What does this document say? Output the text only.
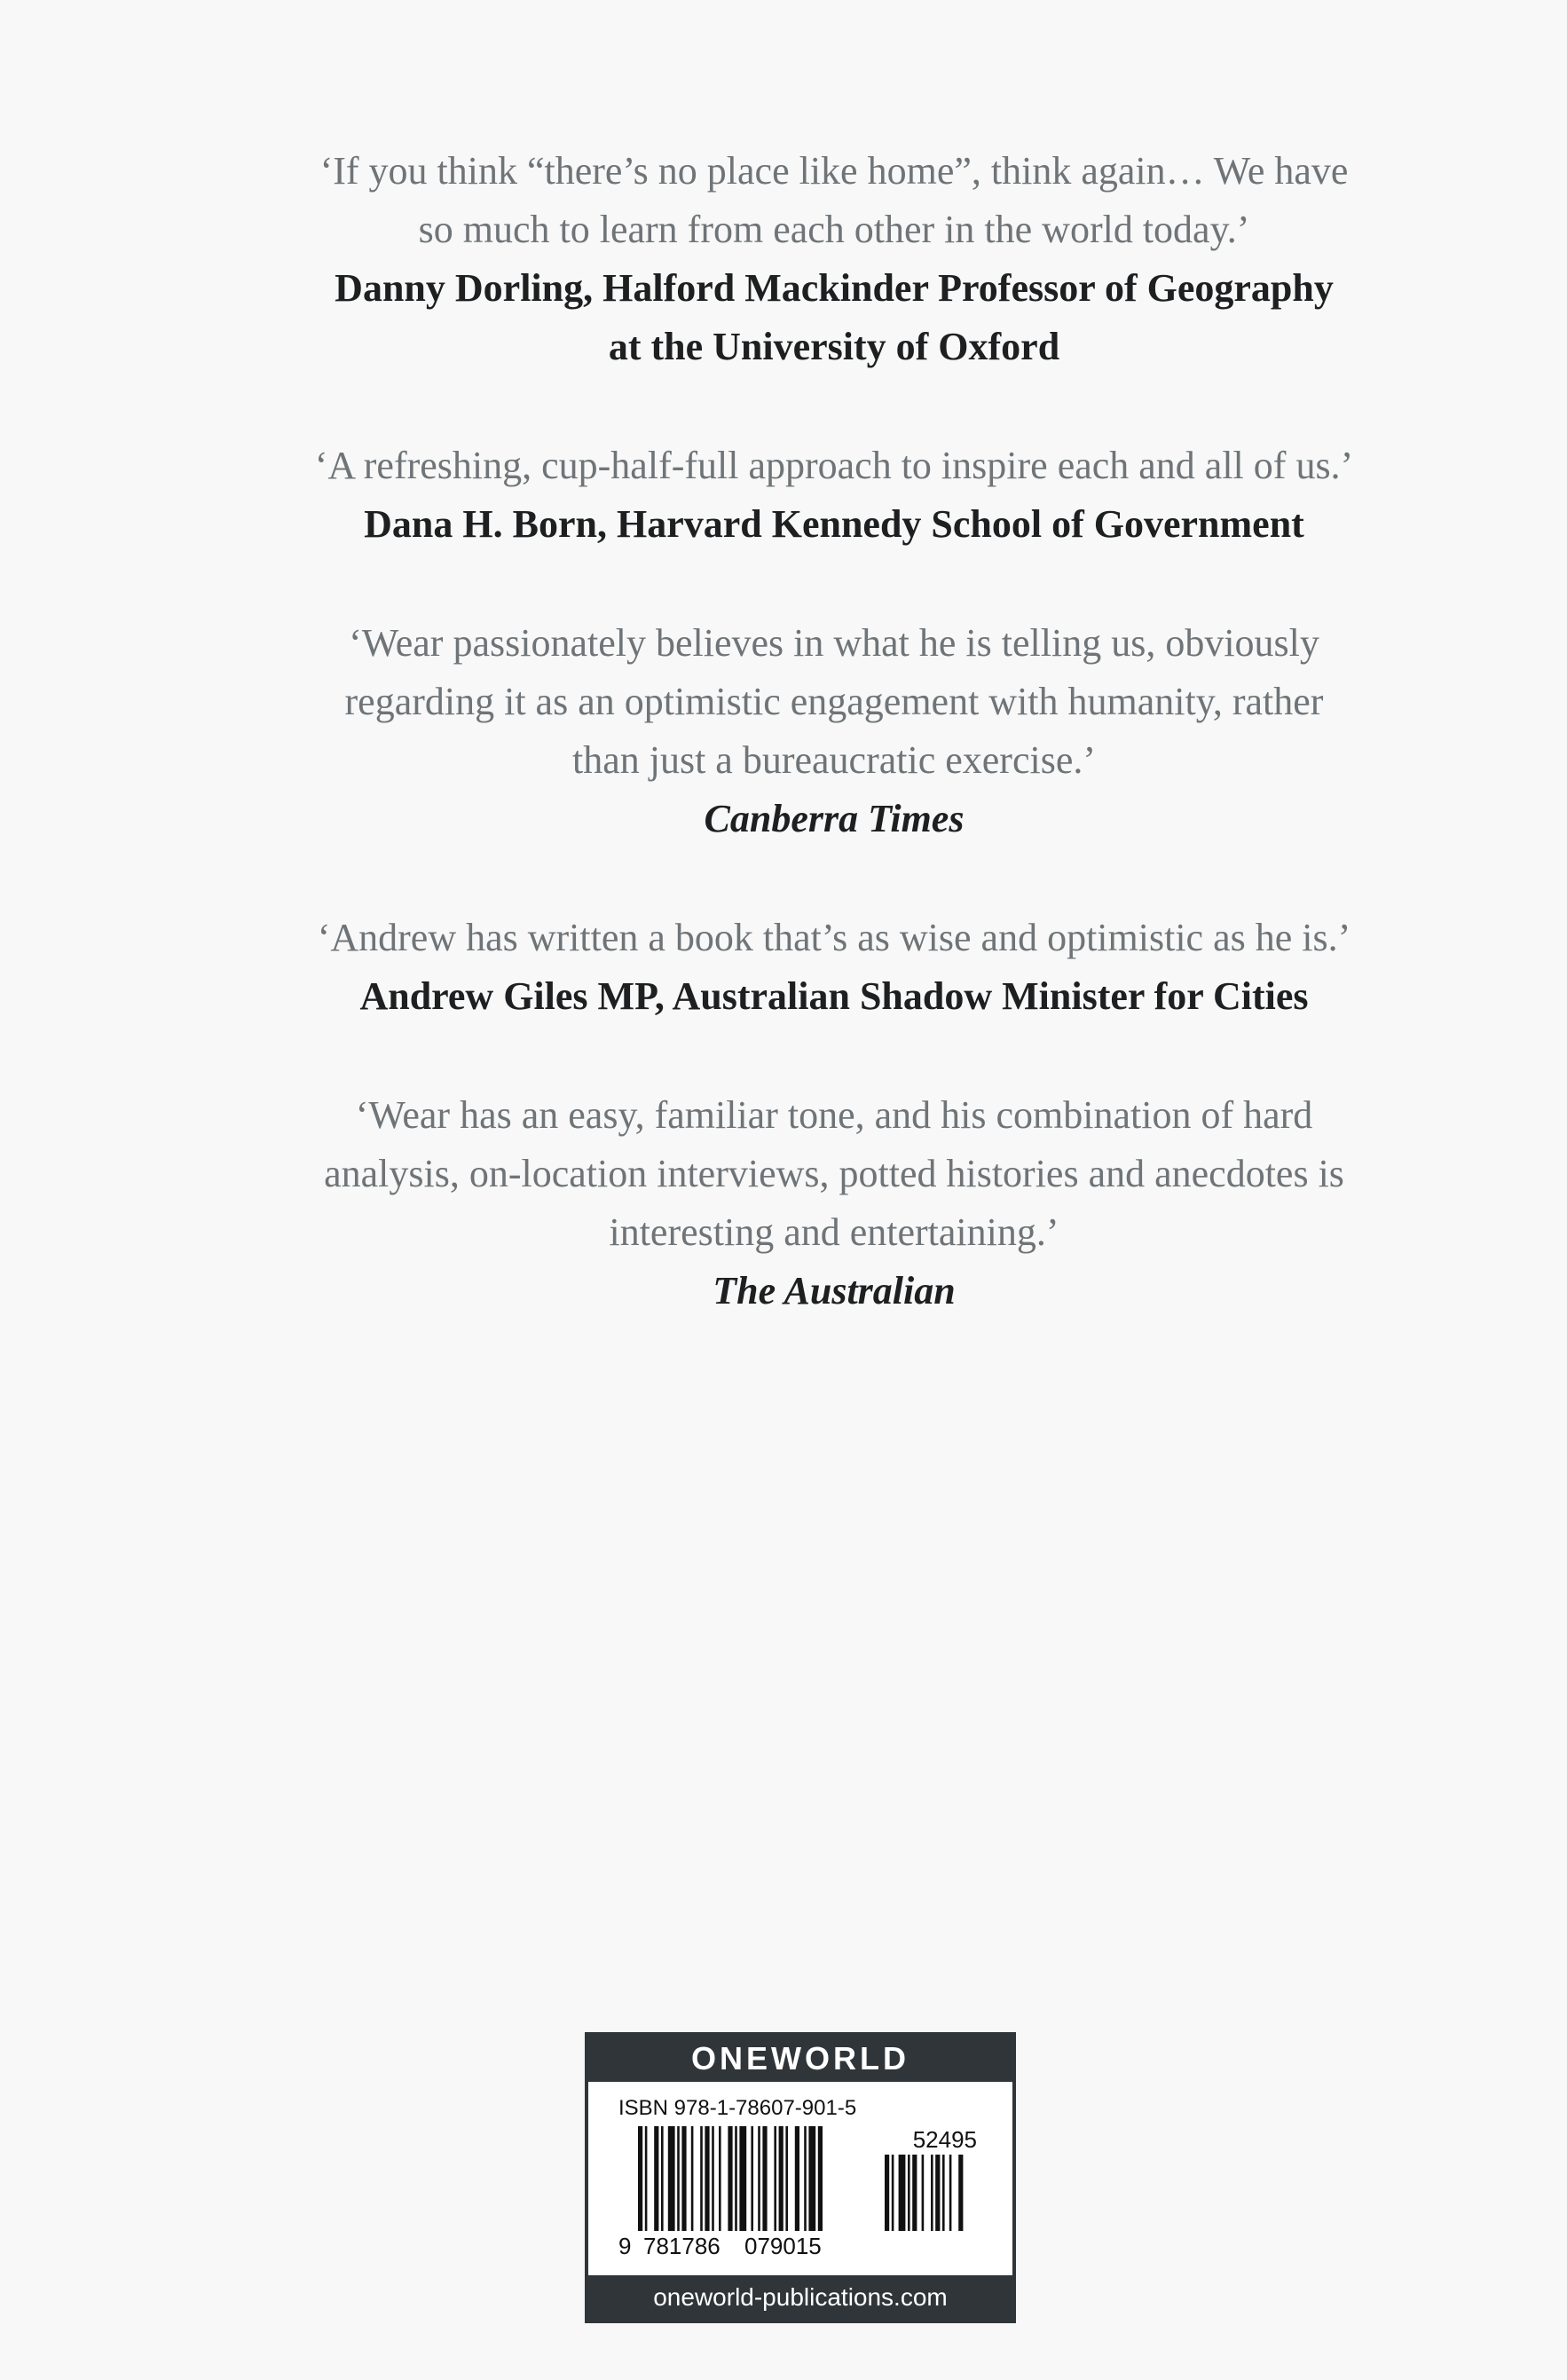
‘If you think “there’s no place like home”, think again… We have
so much to learn from each other in the world today.’
Danny Dorling, Halford Mackinder Professor of Geography
at the University of Oxford
‘A refreshing, cup-half-full approach to inspire each and all of us.’
Dana H. Born, Harvard Kennedy School of Government
‘Wear passionately believes in what he is telling us, obviously
regarding it as an optimistic engagement with humanity, rather
than just a bureaucratic exercise.’
Canberra Times
‘Andrew has written a book that’s as wise and optimistic as he is.’
Andrew Giles MP, Australian Shadow Minister for Cities
‘Wear has an easy, familiar tone, and his combination of hard
analysis, on-location interviews, potted histories and anecdotes is
interesting and entertaining.’
The Australian
ONEWORLD
ISBN 978-1-78607-901-5
52495
9 781786 079015
oneworld-publications.com
